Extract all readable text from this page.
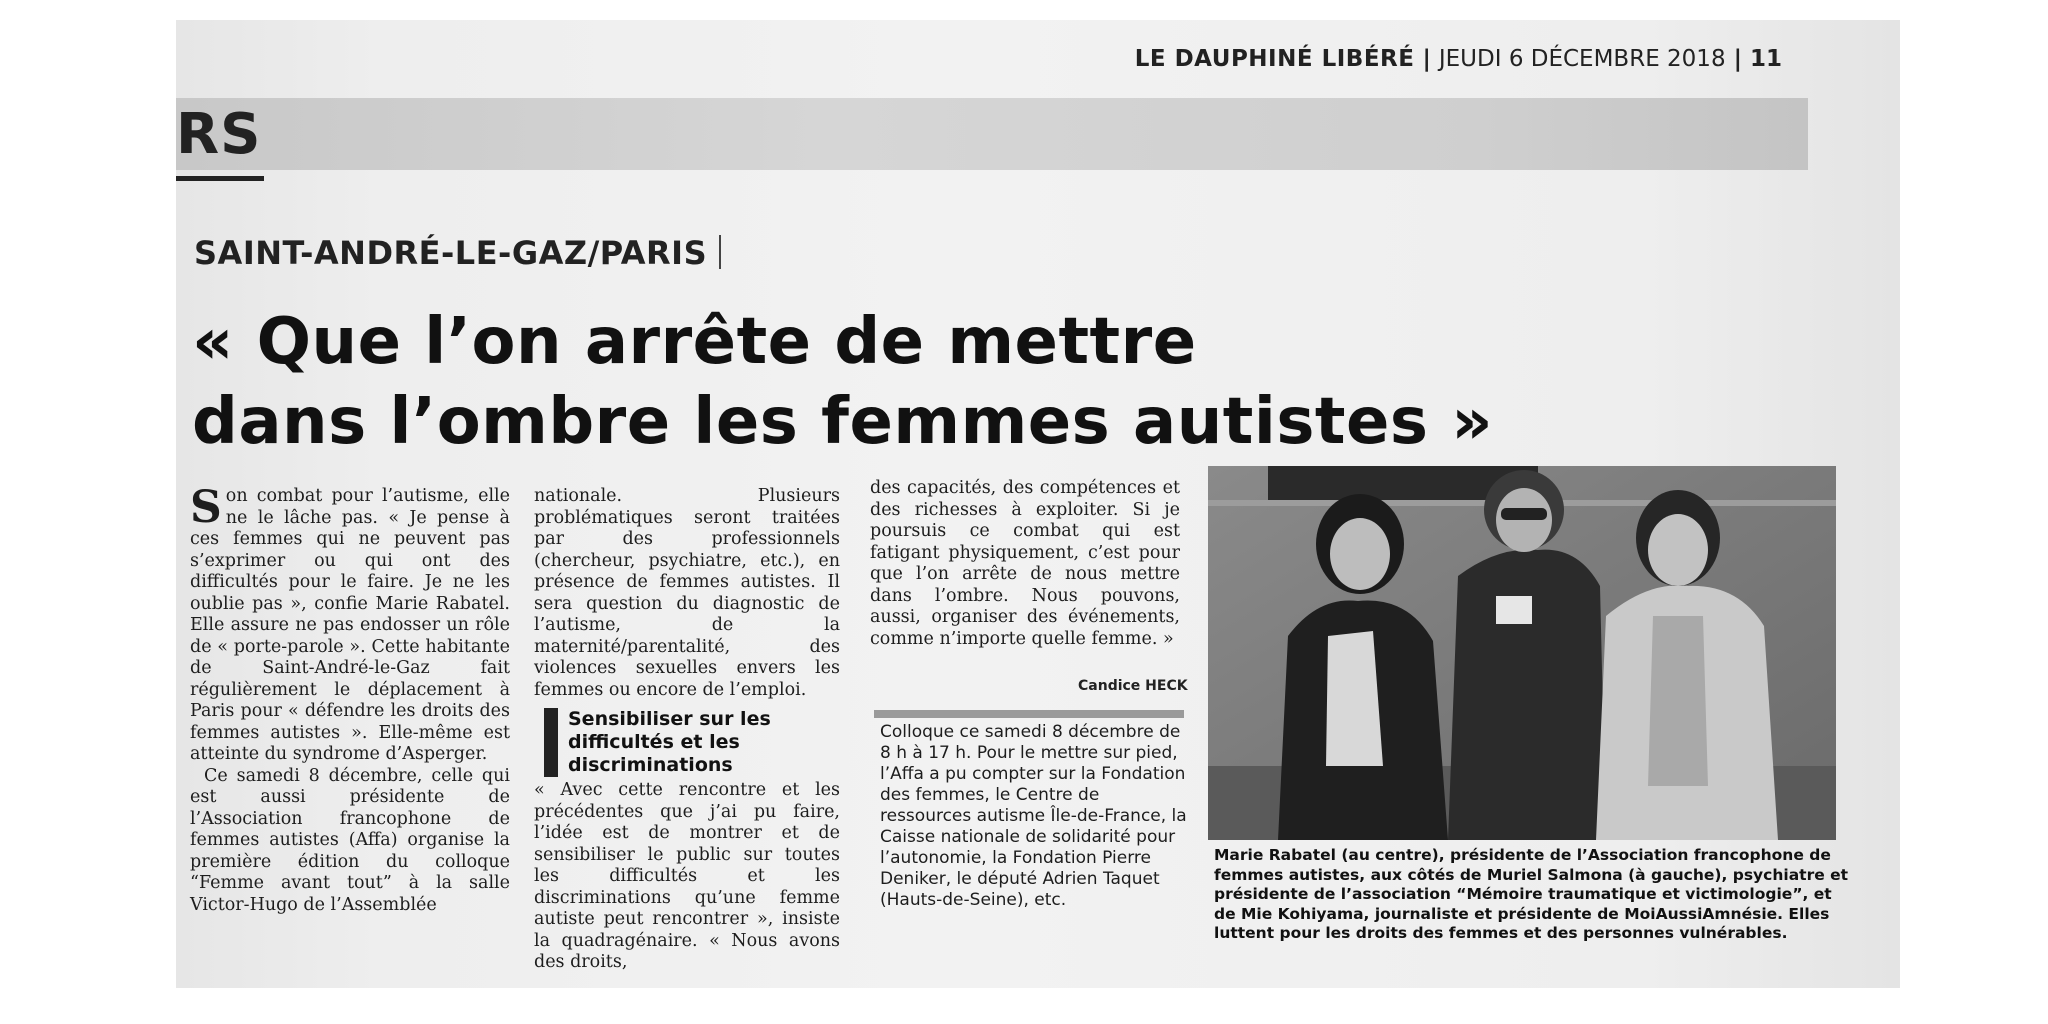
LE DAUPHINÉ LIBÉRÉ | JEUDI 6 DÉCEMBRE 2018 | 11
RS
SAINT-ANDRÉ-LE-GAZ/PARIS
« Que l’on arrête de mettre
dans l’ombre les femmes autistes »

Son combat pour l’autisme, elle ne le lâche pas. « Je pense à ces femmes qui ne peuvent pas s’exprimer ou qui ont des difficultés pour le faire. Je ne les oublie pas », confie Marie Rabatel. Elle assure ne pas endosser un rôle de « porte-parole ». Cette habitante de Saint-André-le-Gaz fait régulièrement le déplacement à Paris pour « défendre les droits des femmes autistes ». Elle-même est atteinte du syndrome d’Asperger.

Ce samedi 8 décembre, celle qui est aussi présidente de l’Association francophone de femmes autistes (Affa) organise la première édition du colloque “Femme avant tout” à la salle Victor-Hugo de l’Assemblée

nationale. Plusieurs problématiques seront traitées par des professionnels (chercheur, psychiatre, etc.), en présence de femmes autistes. Il sera question du diagnostic de l’autisme, de la maternité/parentalité, des violences sexuelles envers les femmes ou encore de l’emploi.

Sensibiliser sur les difficultés et les discriminations

« Avec cette rencontre et les précédentes que j’ai pu faire, l’idée est de montrer et de sensibiliser le public sur toutes les difficultés et les discriminations qu’une femme autiste peut rencontrer », insiste la quadragénaire. « Nous avons des droits,

des capacités, des compétences et des richesses à exploiter. Si je poursuis ce combat qui est fatigant physiquement, c’est pour que l’on arrête de nous mettre dans l’ombre. Nous pouvons, aussi, organiser des événements, comme n’importe quelle femme. »

Candice HECK
Colloque ce samedi 8 décembre de 8 h à 17 h. Pour le mettre sur pied, l’Affa a pu compter sur la Fondation des femmes, le Centre de ressources autisme Île-de-France, la Caisse nationale de solidarité pour l’autonomie, la Fondation Pierre Deniker, le député Adrien Taquet (Hauts-de-Seine), etc.
Marie Rabatel (au centre), présidente de l’Association francophone de femmes autistes, aux côtés de Muriel Salmona (à gauche), psychiatre et présidente de l’association “Mémoire traumatique et victimologie”, et de Mie Kohiyama, journaliste et présidente de MoiAussiAmnésie. Elles luttent pour les droits des femmes et des personnes vulnérables.
